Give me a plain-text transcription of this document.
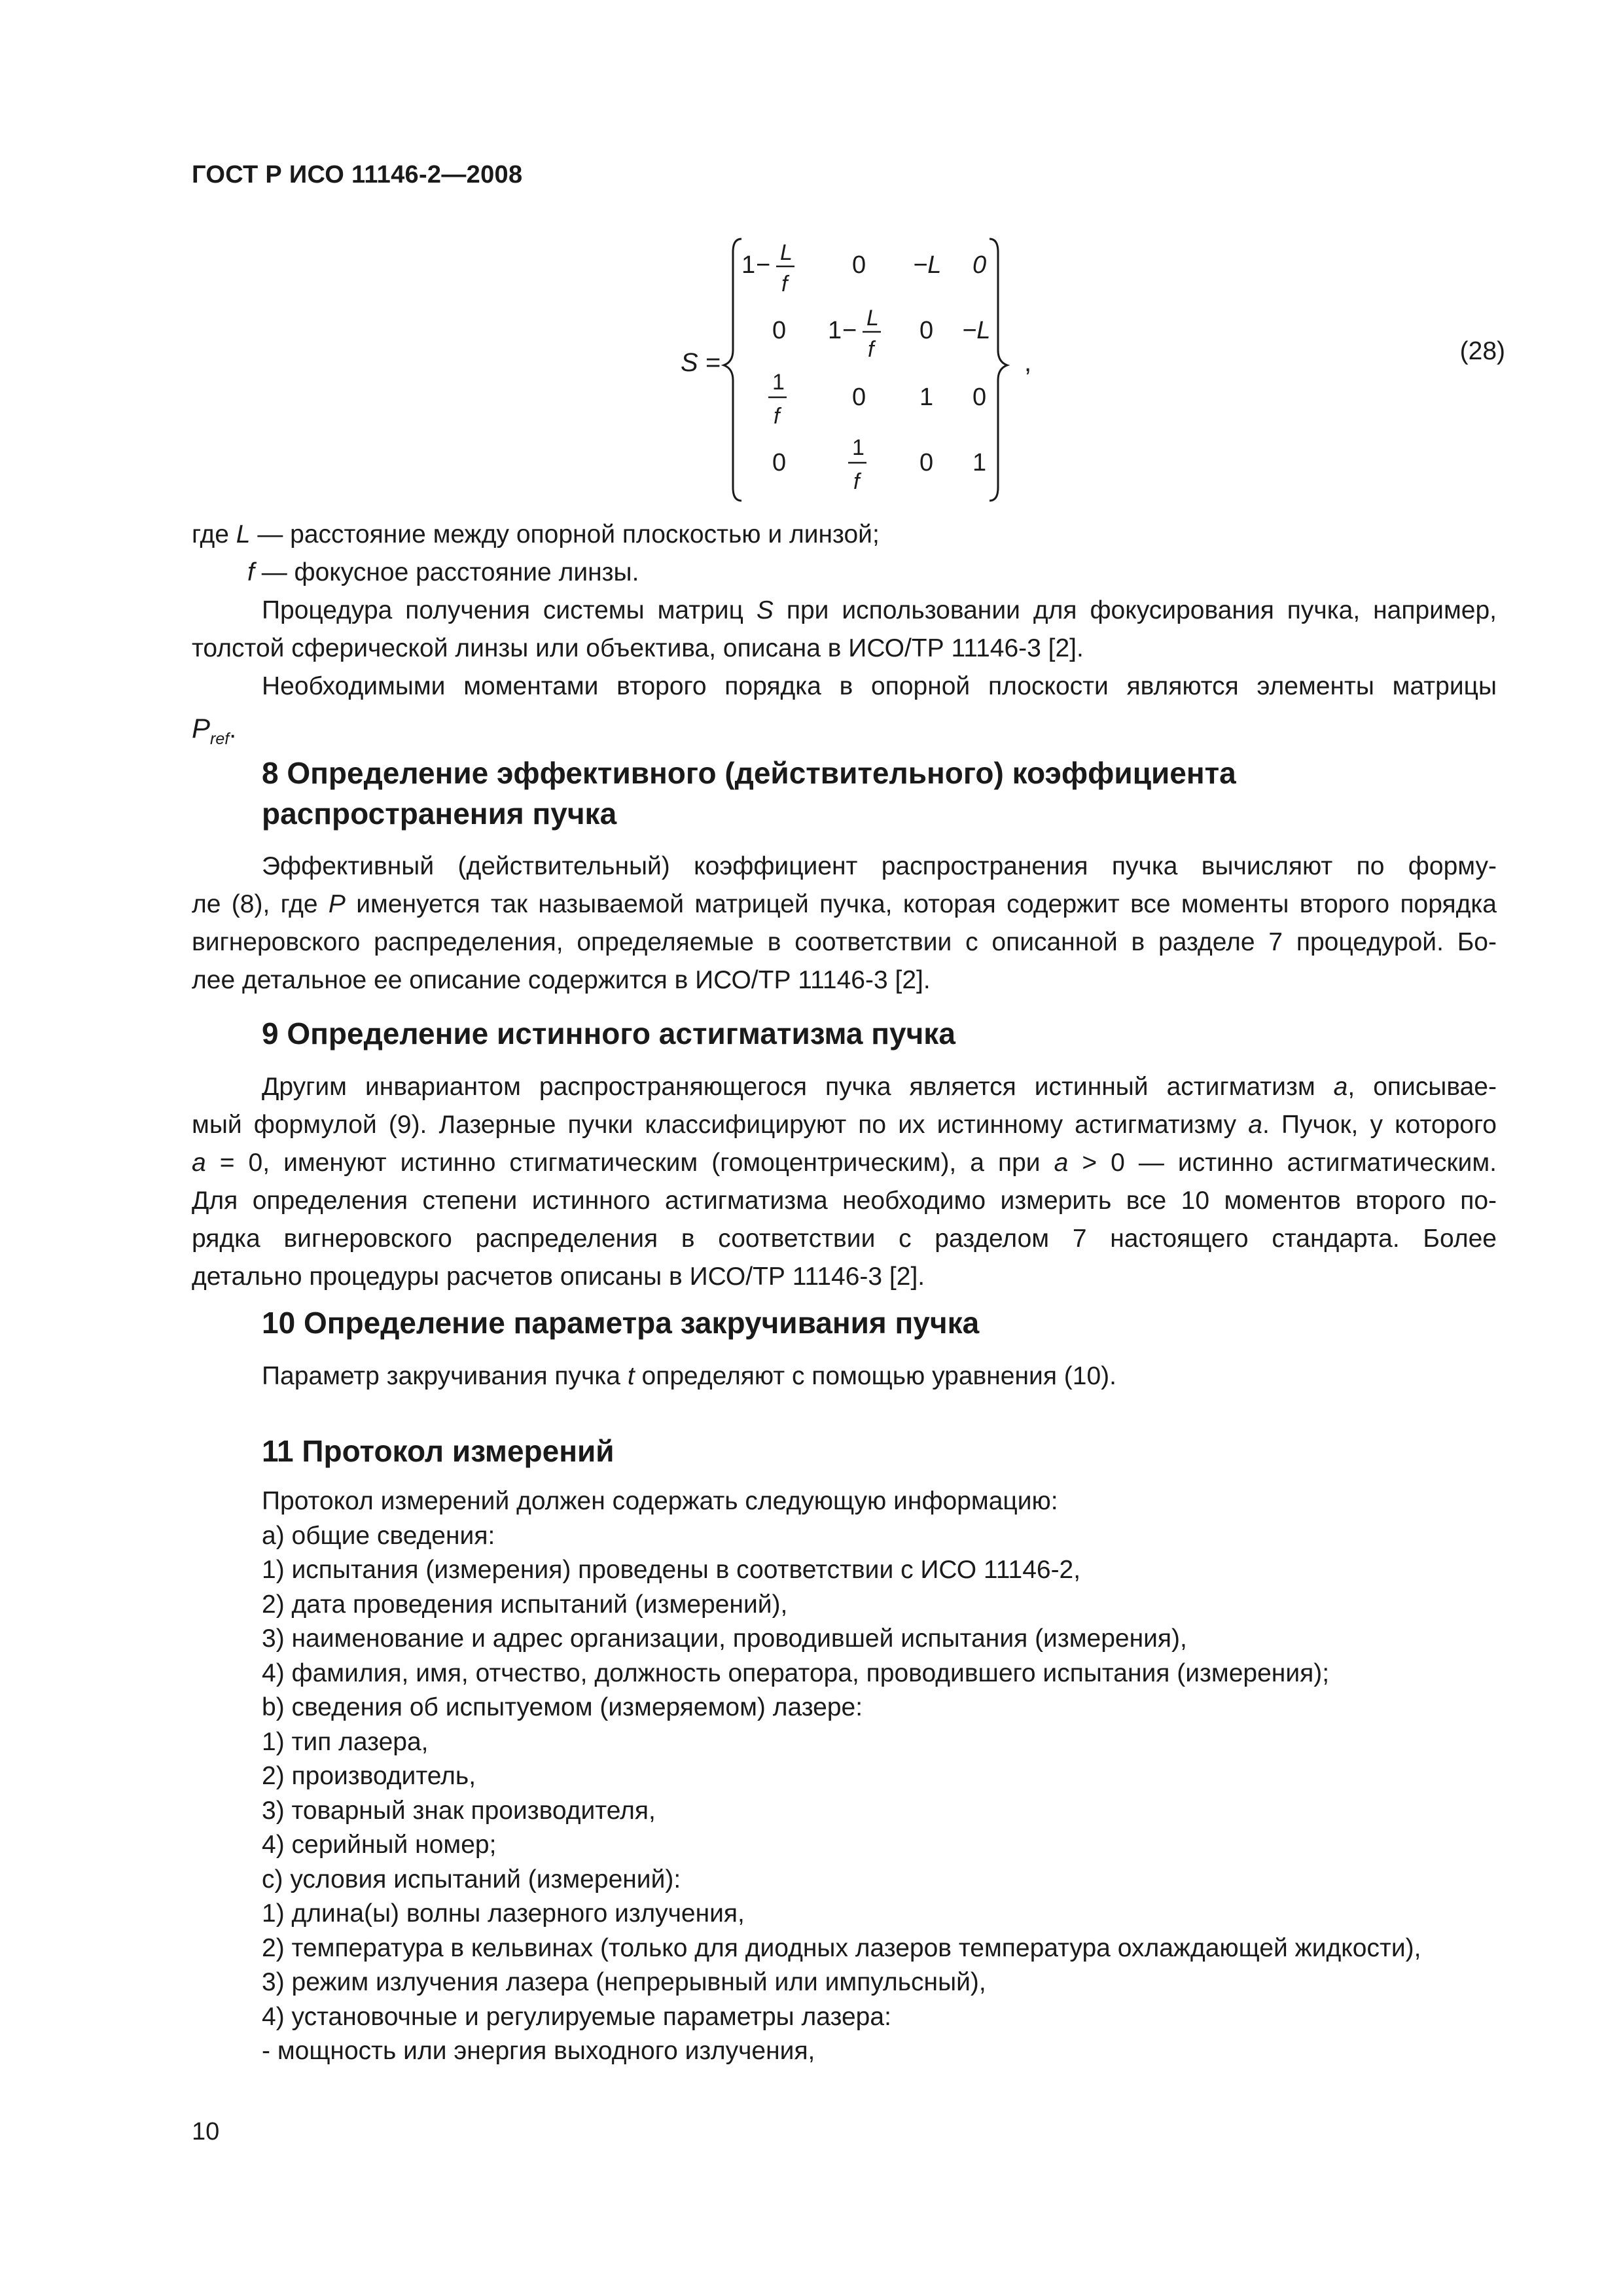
ГОСТ Р ИСО 11146-2—2008
S =	,
1 − L
f
0 −L 0
0 1 − L
f
0 −L
1
f
0 1 0
0
1
f
0 1
(28)
где L — расстояние между опорной плоскостью и линзой;
f — фокусное расстояние линзы.
Процедура получения системы матриц S при использовании для фокусирования пучка, например,
толстой сферической линзы или объектива, описана в ИСО/ТР 11146-3 [2].
Необходимыми моментами второго порядка в опорной плоскости являются элементы матрицы
$P_{ref}$.
8 Определение эффективного (действительного) коэффициента
распространения пучка
Эффективный (действительный) коэффициент распространения пучка вычисляют по форму-
ле (8), где P именуется так называемой матрицей пучка, которая содержит все моменты второго порядка
вигнеровского распределения, определяемые в соответствии с описанной в разделе 7 процедурой. Бо-
лее детальное ее описание содержится в ИСО/ТР 11146-3 [2].
9 Определение истинного астигматизма пучка
Другим инвариантом распространяющегося пучка является истинный астигматизм a, описывае-
мый формулой (9). Лазерные пучки классифицируют по их истинному астигматизму a. Пучок, у которого
a = 0, именуют истинно стигматическим (гомоцентрическим), а при a > 0 — истинно астигматическим.
Для определения степени истинного астигматизма необходимо измерить все 10 моментов второго по-
рядка вигнеровского распределения в соответствии с разделом 7 настоящего стандарта. Более
детально процедуры расчетов описаны в ИСО/ТР 11146-3 [2].
10 Определение параметра закручивания пучка
Параметр закручивания пучка t определяют с помощью уравнения (10).
11 Протокол измерений
Протокол измерений должен содержать следующую информацию:
а) общие сведения:
1) испытания (измерения) проведены в соответствии с ИСО 11146-2,
2) дата проведения испытаний (измерений),
3) наименование и адрес организации, проводившей испытания (измерения),
4) фамилия, имя, отчество, должность оператора, проводившего испытания (измерения);
b) сведения об испытуемом (измеряемом) лазере:
1) тип лазера,
2) производитель,
3) товарный знак производителя,
4) серийный номер;
c) условия испытаний (измерений):
1) длина(ы) волны лазерного излучения,
2) температура в кельвинах (только для диодных лазеров температура охлаждающей жидкости),
3) режим излучения лазера (непрерывный или импульсный),
4) установочные и регулируемые параметры лазера:
- мощность или энергия выходного излучения,
10
